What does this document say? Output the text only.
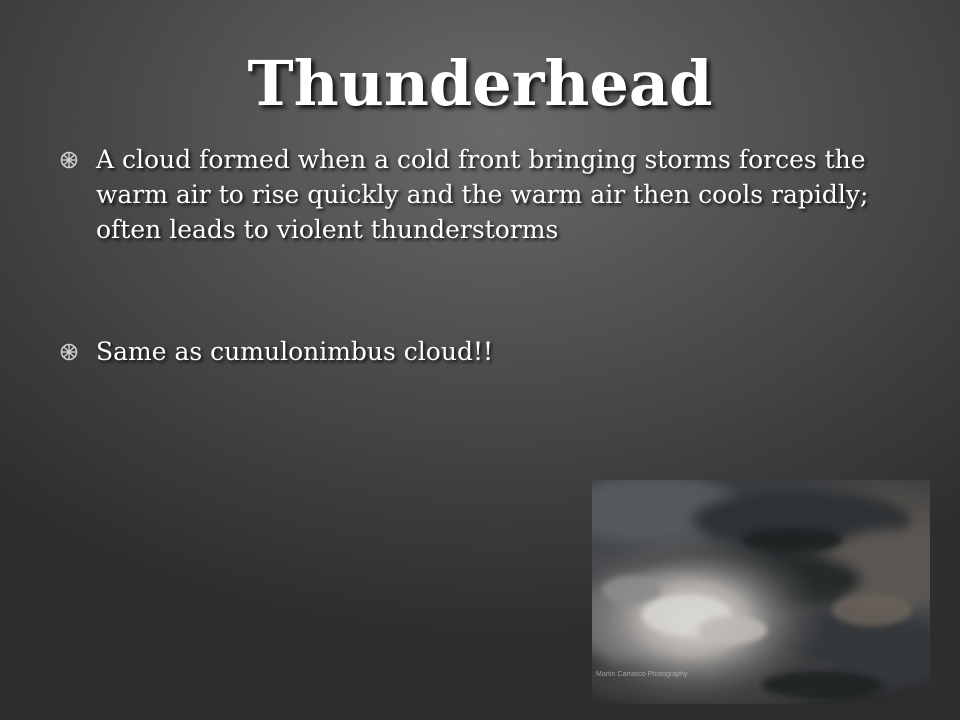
Thunderhead
A cloud formed when a cold front bringing storms forces the warm air to rise quickly and the warm air then cools rapidly; often leads to violent thunderstorms
Same as cumulonimbus cloud!!
Martin Carrasco Photography
